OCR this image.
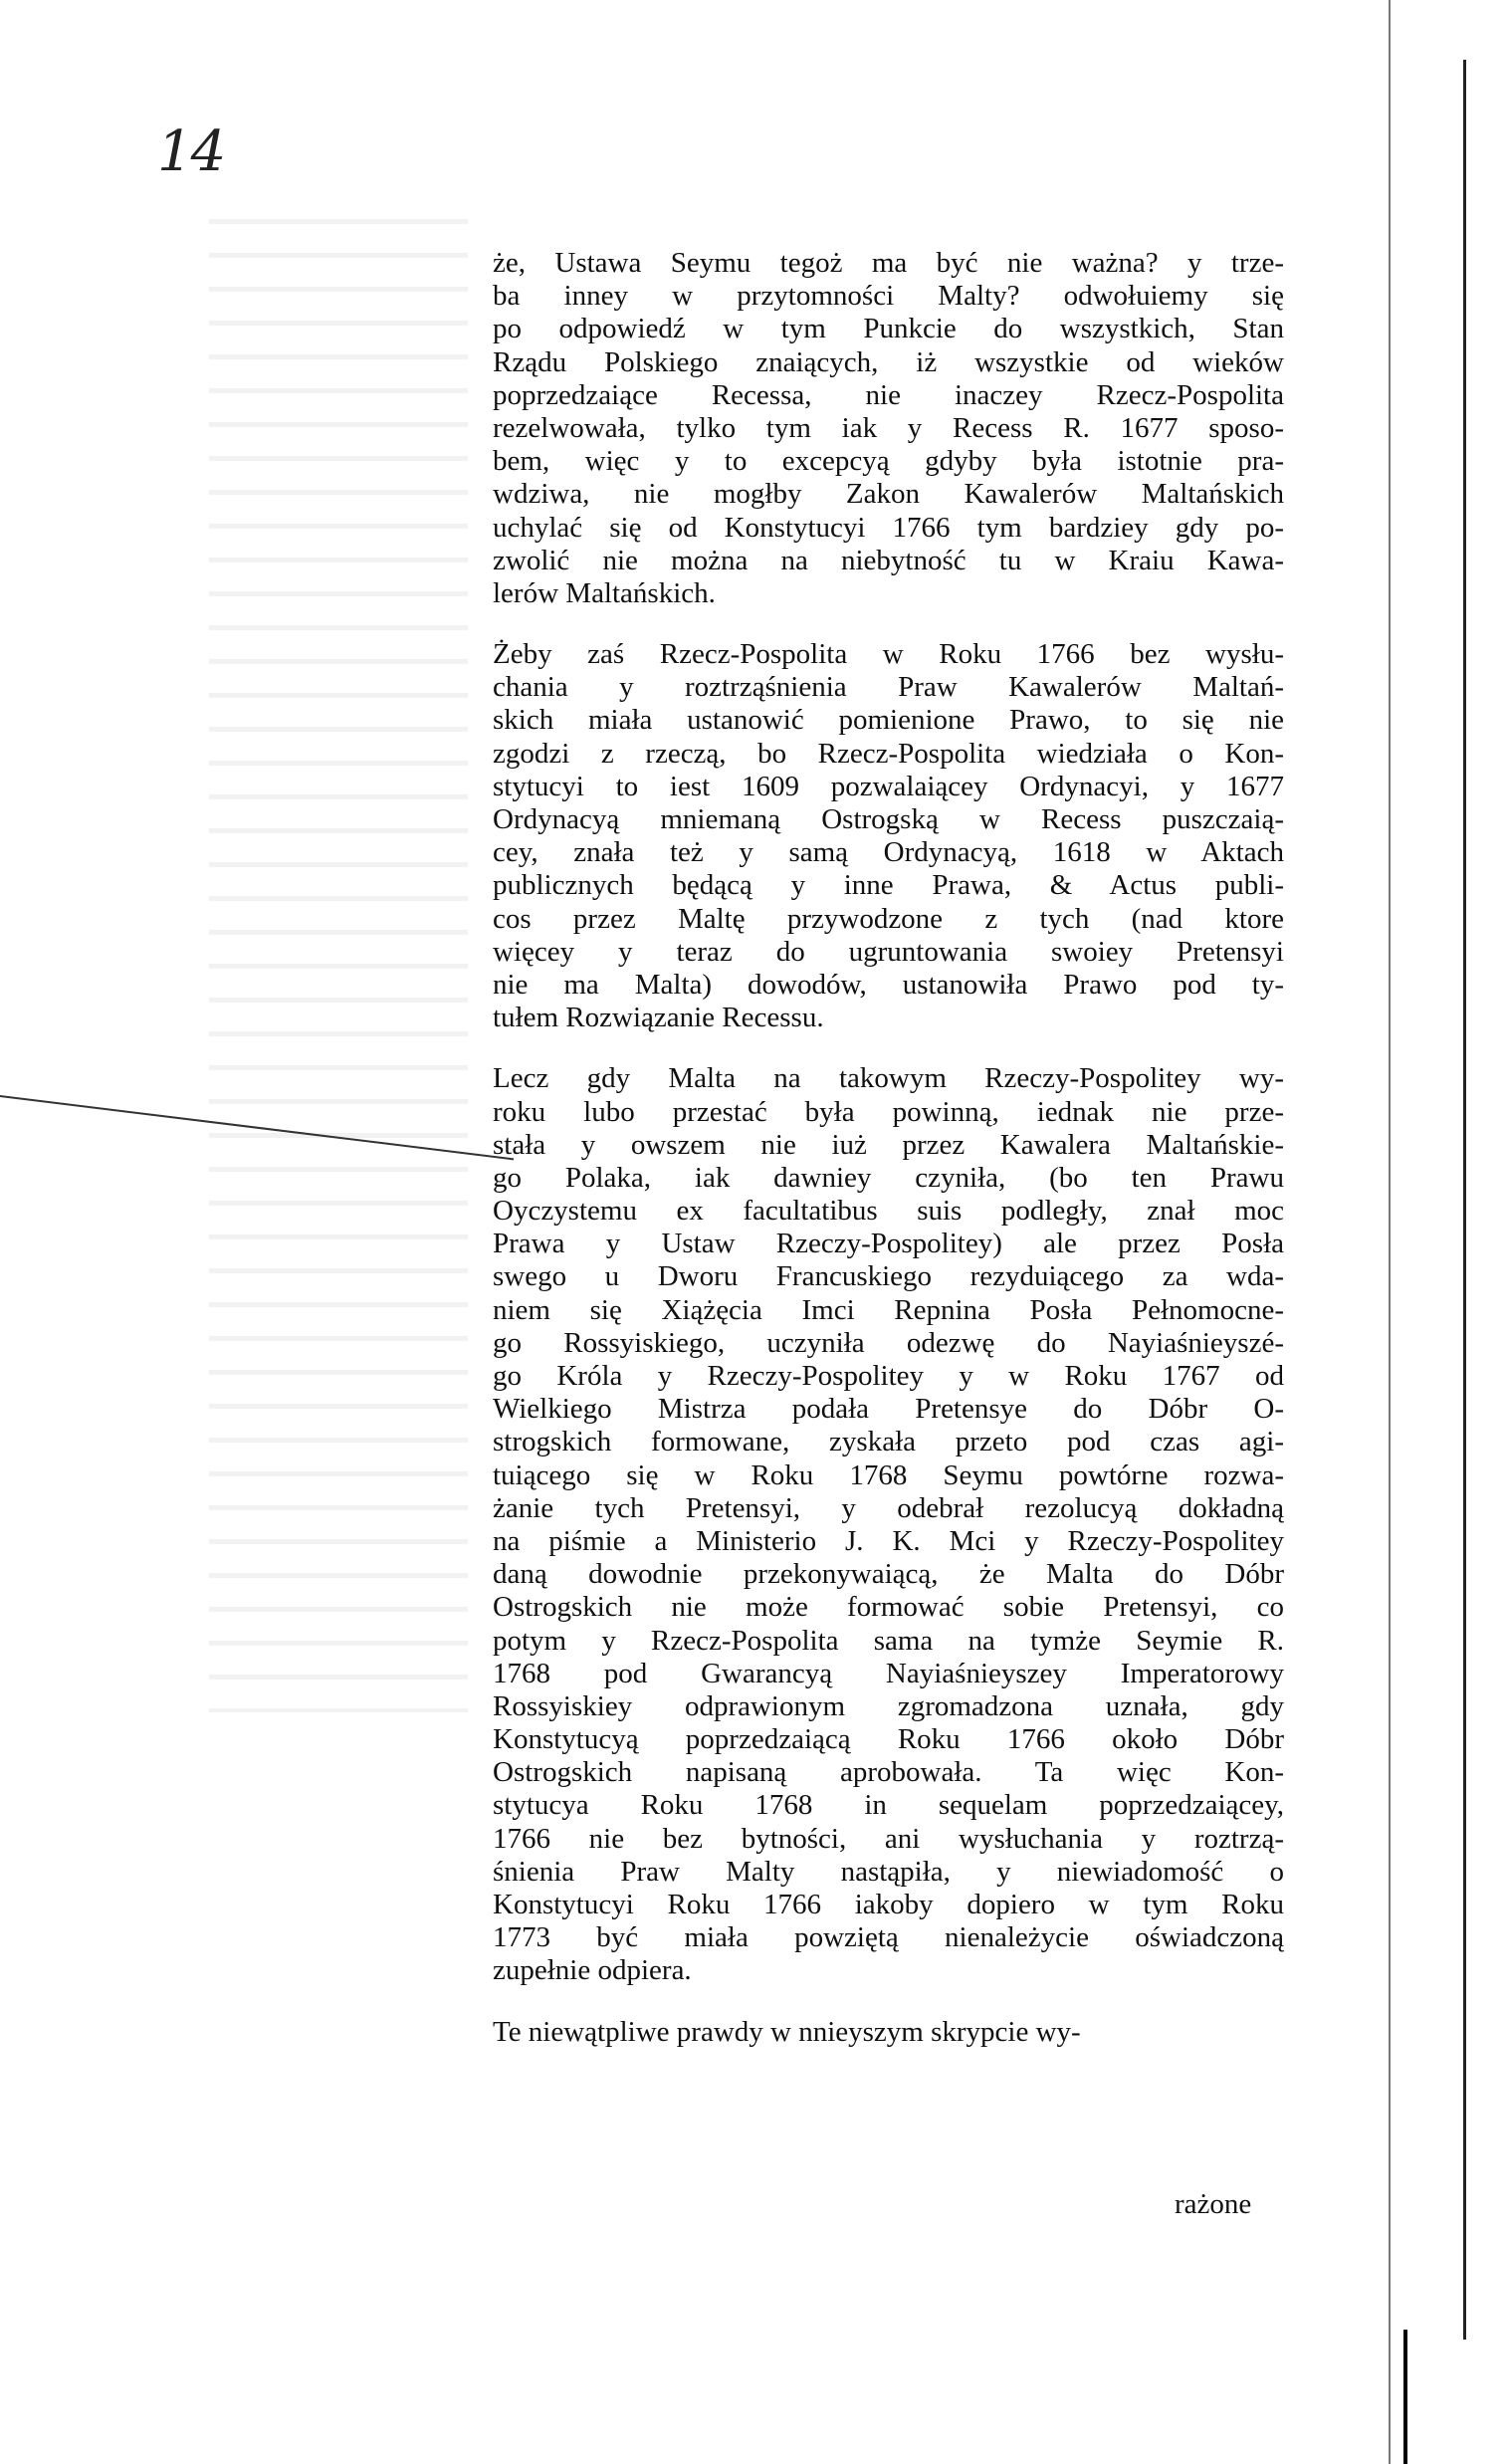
14
że, Ustawa Seymu tegoż ma być nie ważna? y trze-
ba inney w przytomności Malty? odwołuiemy się
po odpowiedź w tym Punkcie do wszystkich, Stan
Rządu Polskiego znaiących, iż wszystkie od wieków
poprzedzaiące Recessa, nie inaczey Rzecz-Pospolita
rezelwowała, tylko tym iak y Recess R. 1677 sposo-
bem, więc y to excepcyą gdyby była istotnie pra-
wdziwa, nie mogłby Zakon Kawalerów Maltańskich
uchylać się od Konstytucyi 1766 tym bardziey gdy po-
zwolić nie można na niebytność tu w Kraiu Kawa-
lerów Maltańskich.
Żeby zaś Rzecz-Pospolita w Roku 1766 bez wysłu-
chania y roztrząśnienia Praw Kawalerów Maltań-
skich miała ustanowić pomienione Prawo, to się nie
zgodzi z rzeczą, bo Rzecz-Pospolita wiedziała o Kon-
stytucyi to iest 1609 pozwalaiącey Ordynacyi, y 1677
Ordynacyą mniemaną Ostrogską w Recess puszczaią-
cey, znała też y samą Ordynacyą, 1618 w Aktach
publicznych będącą y inne Prawa, & Actus publi-
cos przez Maltę przywodzone z tych (nad ktore
więcey y teraz do ugruntowania swoiey Pretensyi
nie ma Malta) dowodów, ustanowiła Prawo pod ty-
tułem Rozwiązanie Recessu.
Lecz gdy Malta na takowym Rzeczy-Pospolitey wy-
roku lubo przestać była powinną, iednak nie prze-
stała y owszem nie iuż przez Kawalera Maltańskie-
go Polaka, iak dawniey czyniła, (bo ten Prawu
Oyczystemu ex facultatibus suis podległy, znał moc
Prawa y Ustaw Rzeczy-Pospolitey) ale przez Posła
swego u Dworu Francuskiego rezyduiącego za wda-
niem się Xiążęcia Imci Repnina Posła Pełnomocne-
go Rossyiskiego, uczyniła odezwę do Nayiaśnieyszé-
go Króla y Rzeczy-Pospolitey y w Roku 1767 od
Wielkiego Mistrza podała Pretensye do Dóbr O-
strogskich formowane, zyskała przeto pod czas agi-
tuiącego się w Roku 1768 Seymu powtórne rozwa-
żanie tych Pretensyi, y odebrał rezolucyą dokładną
na piśmie a Ministerio J. K. Mci y Rzeczy-Pospolitey
daną dowodnie przekonywaiącą, że Malta do Dóbr
Ostrogskich nie może formować sobie Pretensyi, co
potym y Rzecz-Pospolita sama na tymże Seymie R.
1768 pod Gwarancyą Nayiaśnieyszey Imperatorowy
Rossyiskiey odprawionym zgromadzona uznała, gdy
Konstytucyą poprzedzaiącą Roku 1766 około Dóbr
Ostrogskich napisaną aprobowała. Ta więc Kon-
stytucya Roku 1768 in sequelam poprzedzaiącey,
1766 nie bez bytności, ani wysłuchania y roztrzą-
śnienia Praw Malty nastąpiła, y niewiadomość o
Konstytucyi Roku 1766 iakoby dopiero w tym Roku
1773 być miała powziętą nienależycie oświadczoną
zupełnie odpiera.
Te niewątpliwe prawdy w nnieyszym skrypcie wy-
rażone
